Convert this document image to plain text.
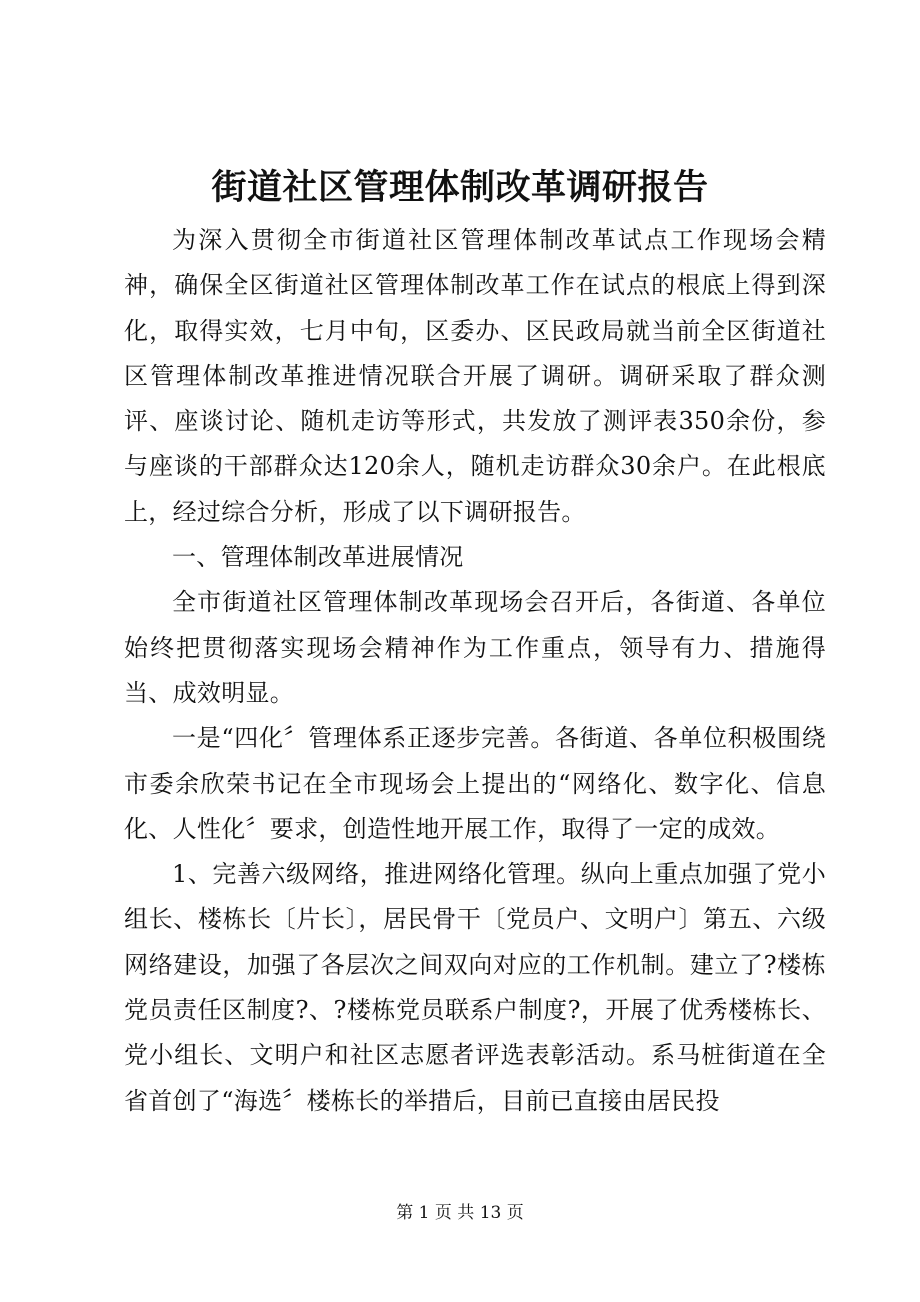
街道社区管理体制改革调研报告

为深入贯彻全市街道社区管理体制改革试点工作现场会精神，确保全区街道社区管理体制改革工作在试点的根底上得到深化，取得实效，七月中旬，区委办、区民政局就当前全区街道社区管理体制改革推进情况联合开展了调研。调研采取了群众测评、座谈讨论、随机走访等形式，共发放了测评表350余份，参与座谈的干部群众达120余人，随机走访群众30余户。在此根底上，经过综合分析，形成了以下调研报告。

一、管理体制改革进展情况

全市街道社区管理体制改革现场会召开后，各街道、各单位始终把贯彻落实现场会精神作为工作重点，领导有力、措施得当、成效明显。

一是“四化〞管理体系正逐步完善。各街道、各单位积极围绕市委余欣荣书记在全市现场会上提出的“网络化、数字化、信息化、人性化〞要求，创造性地开展工作，取得了一定的成效。

1、完善六级网络，推进网络化管理。纵向上重点加强了党小组长、楼栋长〔片长〕，居民骨干〔党员户、文明户〕第五、六级网络建设，加强了各层次之间双向对应的工作机制。建立了?楼栋党员责任区制度?、?楼栋党员联系户制度?，开展了优秀楼栋长、党小组长、文明户和社区志愿者评选表彰活动。系马桩街道在全省首创了“海选〞楼栋长的举措后，目前已直接由居民投

第 1 页 共 13 页
